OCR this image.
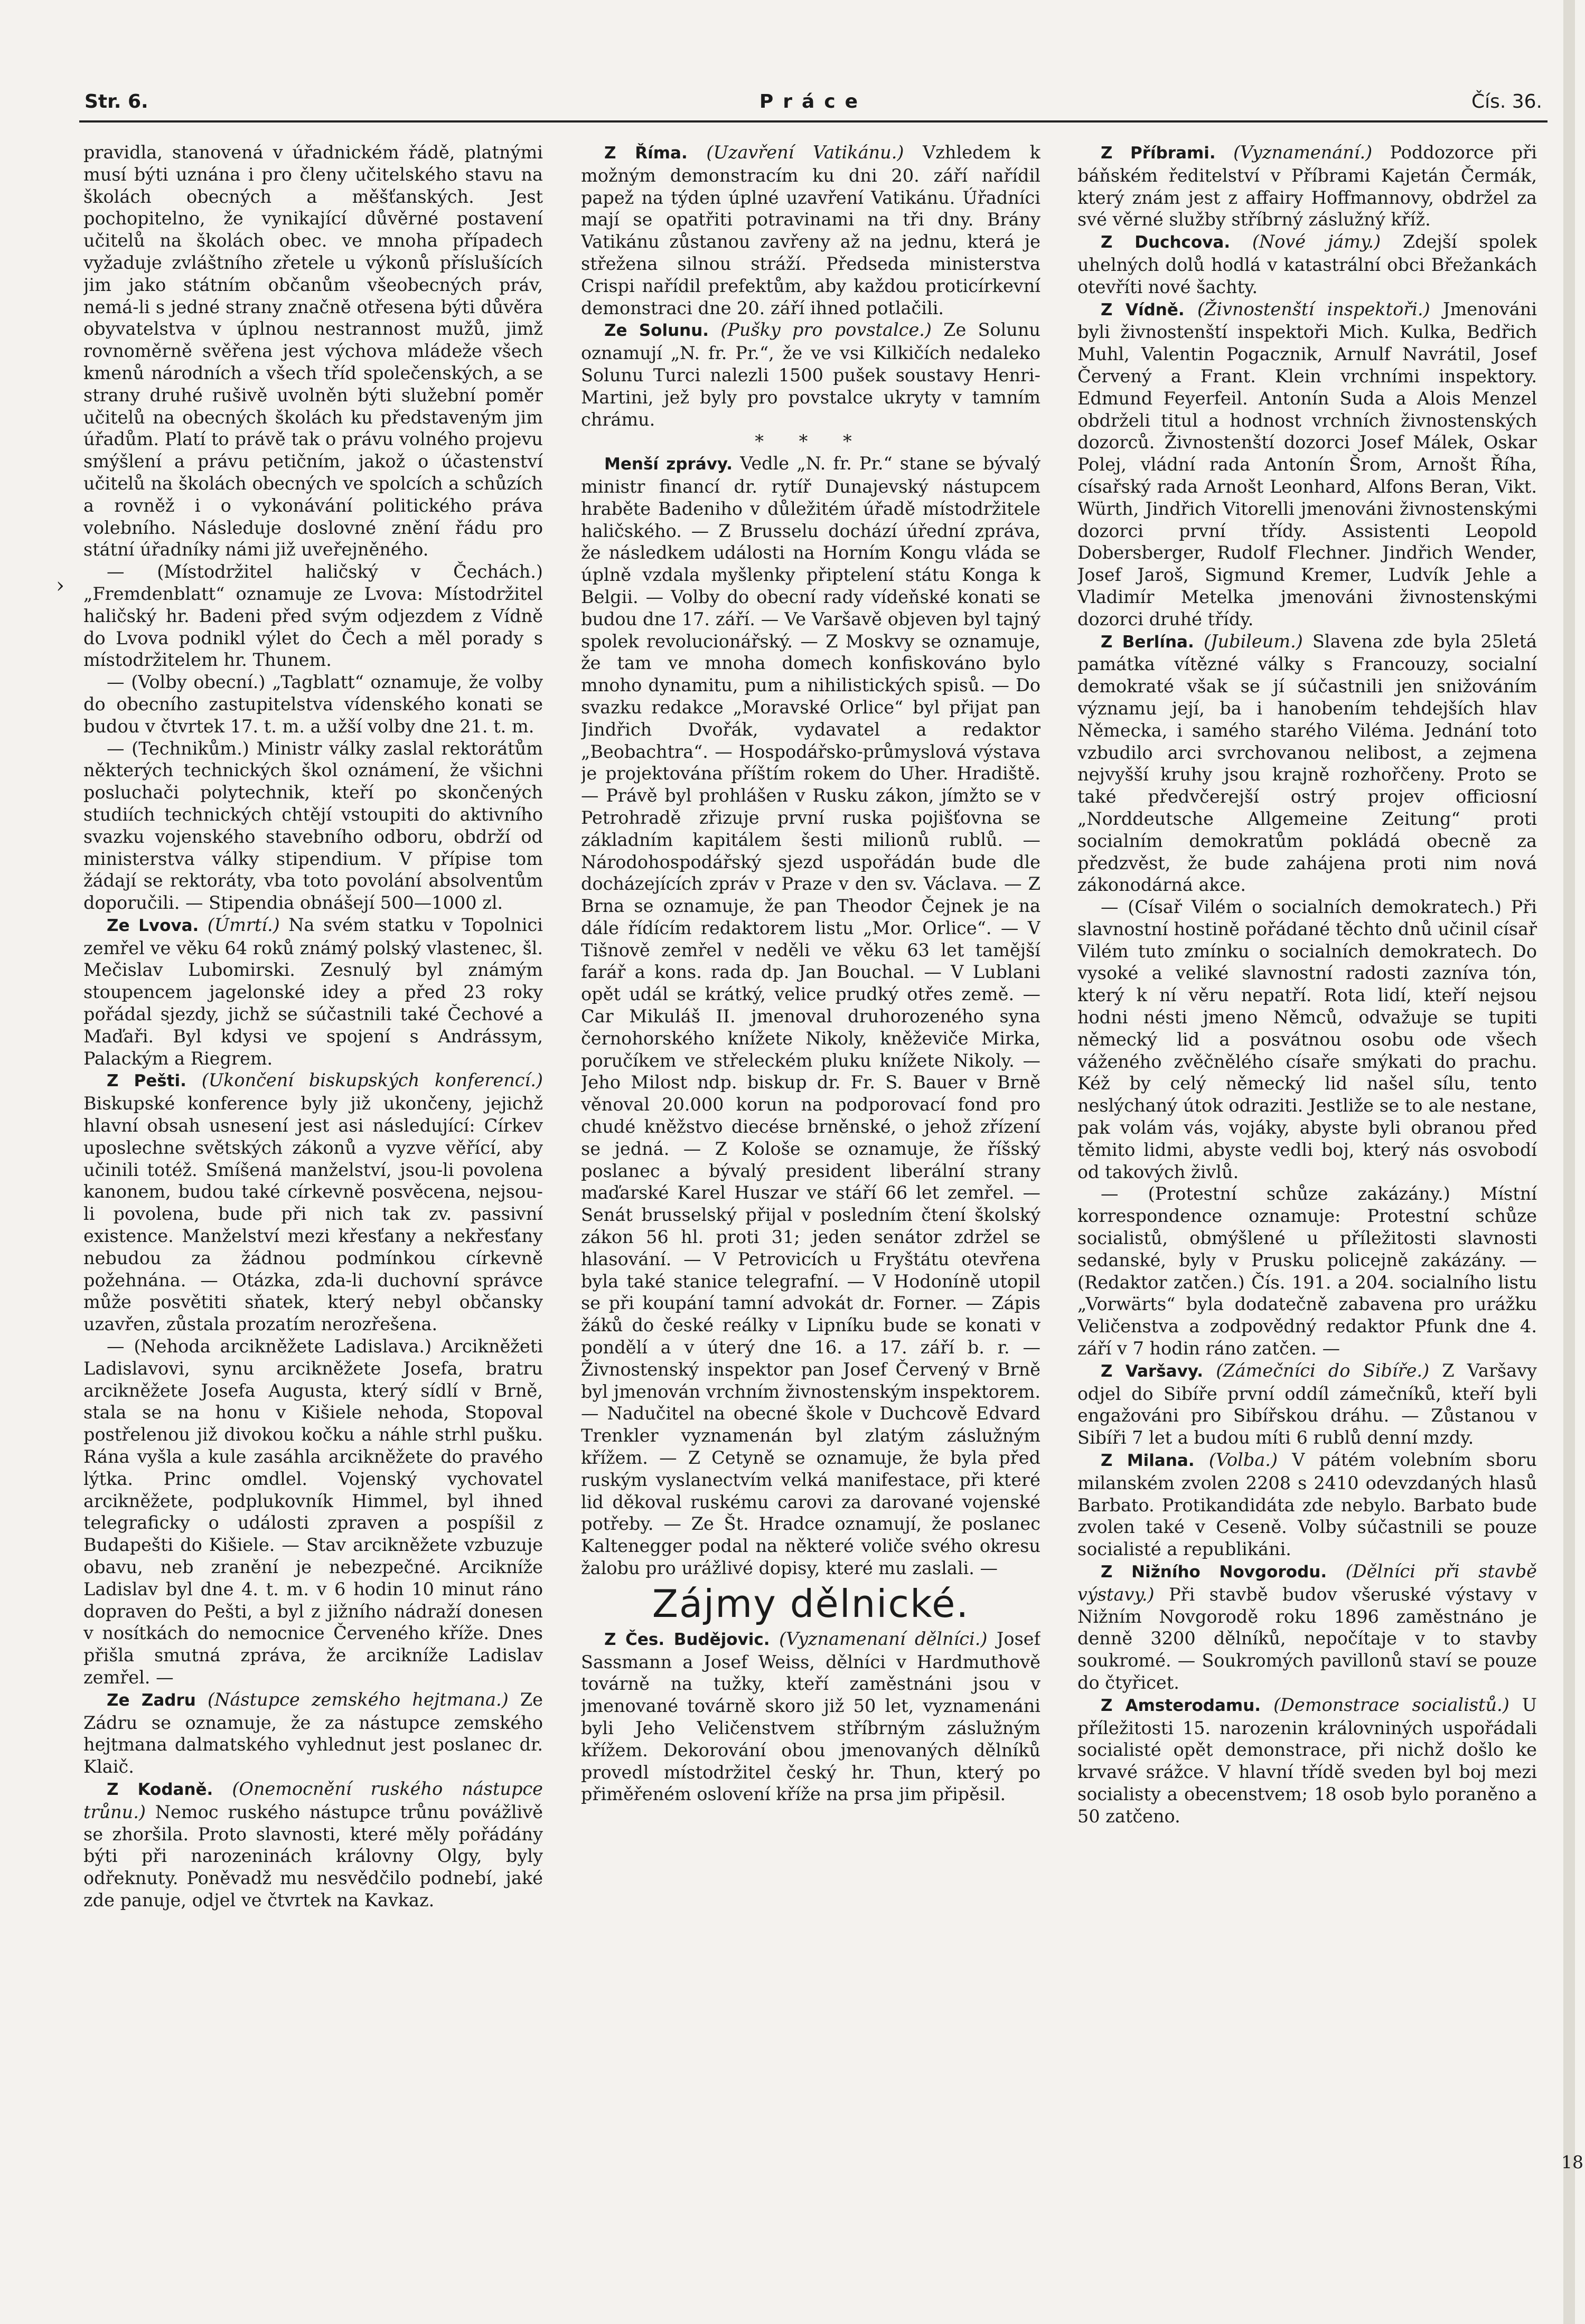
Str. 6.	Práce	Čís. 36.
›

pravidla, stanovená v úřadnickém řádě, platnými musí býti uznána i pro členy učitelského stavu na školách obecných a měšťanských. Jest pochopitelno, že vynikající důvěrné postavení učitelů na školách obec. ve mnoha případech vyžaduje zvláštního zřetele u výkonů příslušících jim jako státním občanům všeobecných práv, nemá-li s jedné strany značně otřesena býti důvěra obyvatelstva v úplnou nestrannost mužů, jimž rovnoměrně svěřena jest výchova mládeže všech kmenů národních a všech tříd společenských, a se strany druhé rušivě uvolněn býti služební poměr učitelů na obecných školách ku představeným jim úřadům. Platí to právě tak o právu volného projevu smýšlení a právu petičním, jakož o účastenství učitelů na školách obecných ve spolcích a schůzích a rovněž i o vykonávání politického práva volebního. Následuje doslovné znění řádu pro státní úřadníky námi již uveřejněného.

— (Místodržitel haličský v Čechách.) „Fremdenblatt“ oznamuje ze Lvova: Místodržitel haličský hr. Badeni před svým odjezdem z Vídně do Lvova podnikl výlet do Čech a měl porady s místodržitelem hr. Thunem.

— (Volby obecní.) „Tagblatt“ oznamuje, že volby do obecního zastupitelstva vídenského konati se budou v čtvrtek 17. t. m. a užší volby dne 21. t. m.

— (Technikům.) Ministr války zaslal rektorátům některých technických škol oznámení, že všichni posluchači polytechnik, kteří po skončených studiích technických chtějí vstoupiti do aktivního svazku vojenského stavebního odboru, obdrží od ministerstva války stipendium. V přípise tom žádají se rektoráty, vba toto povolání absolventům doporučili. — Stipendia obnášejí 500—1000 zl.

Ze Lvova. (Úmrtí.) Na svém statku v Topolnici zemřel ve věku 64 roků známý polský vlastenec, šl. Mečislav Lubomirski. Zesnulý byl známým stoupencem jagelonské idey a před 23 roky pořádal sjezdy, jichž se súčastnili také Čechové a Maďaři. Byl kdysi ve spojení s Andrássym, Palackým a Riegrem.

Z Pešti. (Ukončení biskupských konferencí.) Biskupské konference byly již ukončeny, jejichž hlavní obsah usnesení jest asi následující: Církev uposlechne světských zákonů a vyzve věřící, aby učinili totéž. Smíšená manželství, jsou-li povolena kanonem, budou také církevně posvěcena, nejsou-li povolena, bude při nich tak zv. passivní existence. Manželství mezi křesťany a nekřesťany nebudou za žádnou podmínkou církevně požehnána. — Otázka, zda-li duchovní správce může posvětiti sňatek, který nebyl občansky uzavřen, zůstala prozatím nerozřešena.

— (Nehoda arcikněžete Ladislava.) Arcikněžeti Ladislavovi, synu arcikněžete Josefa, bratru arcikněžete Josefa Augusta, který sídlí v Brně, stala se na honu v Kišiele nehoda, Stopoval postřelenou již divokou kočku a náhle strhl pušku. Rána vyšla a kule zasáhla arcikněžete do pravého lýtka. Princ omdlel. Vojenský vychovatel arcikněžete, podplukovník Himmel, byl ihned telegraficky o události zpraven a pospíšil z Budapešti do Kišiele. — Stav arcikněžete vzbuzuje obavu, neb zranění je nebezpečné. Arcikníže Ladislav byl dne 4. t. m. v 6 hodin 10 minut ráno dopraven do Pešti, a byl z jižního nádraží donesen v nosítkách do nemocnice Červeného kříže. Dnes přišla smutná zpráva, že arcikníže Ladislav zemřel. —

Ze Zadru (Nástupce zemského hejtmana.) Ze Zádru se oznamuje, že za nástupce zemského hejtmana dalmatského vyhlednut jest poslanec dr. Klaič.

Z Kodaně. (Onemocnění ruského nástupce trůnu.) Nemoc ruského nástupce trůnu povážlivě se zhoršila. Proto slavnosti, které měly pořádány býti při narozeninách královny Olgy, byly odřeknuty. Poněvadž mu nesvědčilo podnebí, jaké zde panuje, odjel ve čtvrtek na Kavkaz.

Z Říma. (Uzavření Vatikánu.) Vzhledem k možným demonstracím ku dni 20. září nařídil papež na týden úplné uzavření Vatikánu. Úřadníci mají se opatřiti potravinami na tři dny. Brány Vatikánu zůstanou zavřeny až na jednu, která je střežena silnou stráží. Předseda ministerstva Crispi nařídil prefektům, aby každou proticírkevní demonstraci dne 20. září ihned potlačili.

Ze Solunu. (Pušky pro povstalce.) Ze Solunu oznamují „N. fr. Pr.“, že ve vsi Kilkičích nedaleko Solunu Turci nalezli 1500 pušek soustavy Henri-Martini, jež byly pro povstalce ukryty v tamním chrámu.

* * *

Menší zprávy. Vedle „N. fr. Pr.“ stane se bývalý ministr financí dr. rytíř Dunajevský nástupcem hraběte Badeniho v důležitém úřadě místodržitele haličského. — Z Brusselu dochází úřední zpráva, že následkem události na Horním Kongu vláda se úplně vzdala myšlenky připtelení státu Konga k Belgii. — Volby do obecní rady vídeňské konati se budou dne 17. září. — Ve Varšavě objeven byl tajný spolek revolucionářský. — Z Moskvy se oznamuje, že tam ve mnoha domech konfiskováno bylo mnoho dynamitu, pum a nihilistických spisů. — Do svazku redakce „Moravské Orlice“ byl přijat pan Jindřich Dvořák, vydavatel a redaktor „Beobachtra“. — Hospodářsko-průmyslová výstava je projektována příštím rokem do Uher. Hradiště. — Právě byl prohlášen v Rusku zákon, jímžto se v Petrohradě zřizuje první ruska pojišťovna se základním kapitálem šesti milionů rublů. — Národohospodářský sjezd uspořádán bude dle docházejících zpráv v Praze v den sv. Václava. — Z Brna se oznamuje, že pan Theodor Čejnek je na dále řídícím redaktorem listu „Mor. Orlice“. — V Tišnově zemřel v neděli ve věku 63 let tamější farář a kons. rada dp. Jan Bouchal. — V Lublani opět udál se krátký, velice prudký otřes země. — Car Mikuláš II. jmenoval druhorozeného syna černohorského knížete Nikoly, kněževiče Mirka, poručíkem ve střeleckém pluku knížete Nikoly. — Jeho Milost ndp. biskup dr. Fr. S. Bauer v Brně věnoval 20.000 korun na podporovací fond pro chudé kněžstvo diecése brněnské, o jehož zřízení se jedná. — Z Kološe se oznamuje, že říšský poslanec a bývalý president liberální strany maďarské Karel Huszar ve stáří 66 let zemřel. — Senát brusselský přijal v posledním čtení školský zákon 56 hl. proti 31; jeden senátor zdržel se hlasování. — V Petrovicích u Fryštátu otevřena byla také stanice telegrafní. — V Hodoníně utopil se při koupání tamní advokát dr. Forner. — Zápis žáků do české reálky v Lipníku bude se konati v pondělí a v úterý dne 16. a 17. září b. r. — Živnostenský inspektor pan Josef Červený v Brně byl jmenován vrchním živnostenským inspektorem. — Nadučitel na obecné škole v Duchcově Edvard Trenkler vyznamenán byl zlatým záslužným křížem. — Z Cetyně se oznamuje, že byla před ruským vyslanectvím velká manifestace, při které lid děkoval ruskému carovi za darované vojenské potřeby. — Ze Št. Hradce oznamují, že poslanec Kaltenegger podal na některé voliče svého okresu žalobu pro urážlivé dopisy, které mu zaslali. —

Zájmy dělnické.

Z Čes. Budějovic. (Vyznamenaní dělníci.) Josef Sassmann a Josef Weiss, dělníci v Hardmuthově továrně na tužky, kteří zaměstnáni jsou v jmenované továrně skoro již 50 let, vyznamenáni byli Jeho Veličenstvem stříbrným záslužným křížem. Dekorování obou jmenovaných dělníků provedl místodržitel český hr. Thun, který po přiměřeném oslovení kříže na prsa jim připěsil.

Z Příbrami. (Vyznamenání.) Poddozorce při báňském ředitelství v Příbrami Kajetán Čermák, který znám jest z affairy Hoffmannovy, obdržel za své věrné služby stříbrný záslužný kříž.

Z Duchcova. (Nové jámy.) Zdejší spolek uhelných dolů hodlá v katastrální obci Břežankách otevříti nové šachty.

Z Vídně. (Živnostenští inspektoři.) Jmenováni byli živnostenští inspektoři Mich. Kulka, Bedřich Muhl, Valentin Pogacznik, Arnulf Navrátil, Josef Červený a Frant. Klein vrchními inspektory. Edmund Feyerfeil. Antonín Suda a Alois Menzel obdrželi titul a hodnost vrchních živnostenských dozorců. Živnostenští dozorci Josef Málek, Oskar Polej, vládní rada Antonín Šrom, Arnošt Říha, císařský rada Arnošt Leonhard, Alfons Beran, Vikt. Würth, Jindřich Vitorelli jmenováni živnostenskými dozorci první třídy. Assistenti Leopold Dobersberger, Rudolf Flechner. Jindřich Wender, Josef Jaroš, Sigmund Kremer, Ludvík Jehle a Vladimír Metelka jmenováni živnostenskými dozorci druhé třídy.

Z Berlína. (Jubileum.) Slavena zde byla 25letá památka vítězné války s Francouzy, socialní demokraté však se jí súčastnili jen snižováním významu její, ba i hanobením tehdejších hlav Německa, i samého starého Viléma. Jednání toto vzbudilo arci svrchovanou nelibost, a zejmena nejvyšší kruhy jsou krajně rozhořčeny. Proto se také předvčerejší ostrý projev officiosní „Norddeutsche Allgemeine Zeitung“ proti socialním demokratům pokládá obecně za předzvěst, že bude zahájena proti nim nová zákonodárná akce.

— (Císař Vilém o socialních demokratech.) Při slavnostní hostině pořádané těchto dnů učinil císař Vilém tuto zmínku o socialních demokratech. Do vysoké a veliké slavnostní radosti zazníva tón, který k ní věru nepatří. Rota lidí, kteří nejsou hodni nésti jmeno Němců, odvažuje se tupiti německý lid a posvátnou osobu ode všech váženého zvěčnělého císaře smýkati do prachu. Kéž by celý německý lid našel sílu, tento neslýchaný útok odraziti. Jestliže se to ale nestane, pak volám vás, vojáky, abyste byli obranou před těmito lidmi, abyste vedli boj, který nás osvobodí od takových živlů.

— (Protestní schůze zakázány.) Místní korrespondence oznamuje: Protestní schůze socialistů, obmýšlené u příležitosti slavnosti sedanské, byly v Prusku policejně zakázány. — (Redaktor zatčen.) Čís. 191. a 204. socialního listu „Vorwärts“ byla dodatečně zabavena pro urážku Veličenstva a zodpovědný redaktor Pfunk dne 4. září v 7 hodin ráno zatčen. —

Z Varšavy. (Zámečníci do Sibíře.) Z Varšavy odjel do Sibíře první oddíl zámečníků, kteří byli engažováni pro Sibířskou dráhu. — Zůstanou v Sibíři 7 let a budou míti 6 rublů denní mzdy.

Z Milana. (Volba.) V pátém volebním sboru milanském zvolen 2208 s 2410 odevzdaných hlasů Barbato. Protikandidáta zde nebylo. Barbato bude zvolen také v Ceseně. Volby súčastnili se pouze socialisté a republikáni.

Z Nižního Novgorodu. (Dělníci při stavbě výstavy.) Při stavbě budov všeruské výstavy v Nižním Novgorodě roku 1896 zaměstnáno je denně 3200 dělníků, nepočítaje v to stavby soukromé. — Soukromých pavillonů staví se pouze do čtyřicet.

Z Amsterodamu. (Demonstrace socialistů.) U příležitosti 15. narozenin královniných uspořádali socialisté opět demonstrace, při nichž došlo ke krvavé srážce. V hlavní třídě sveden byl boj mezi socialisty a obecenstvem; 18 osob bylo poraněno a 50 zatčeno.

18
